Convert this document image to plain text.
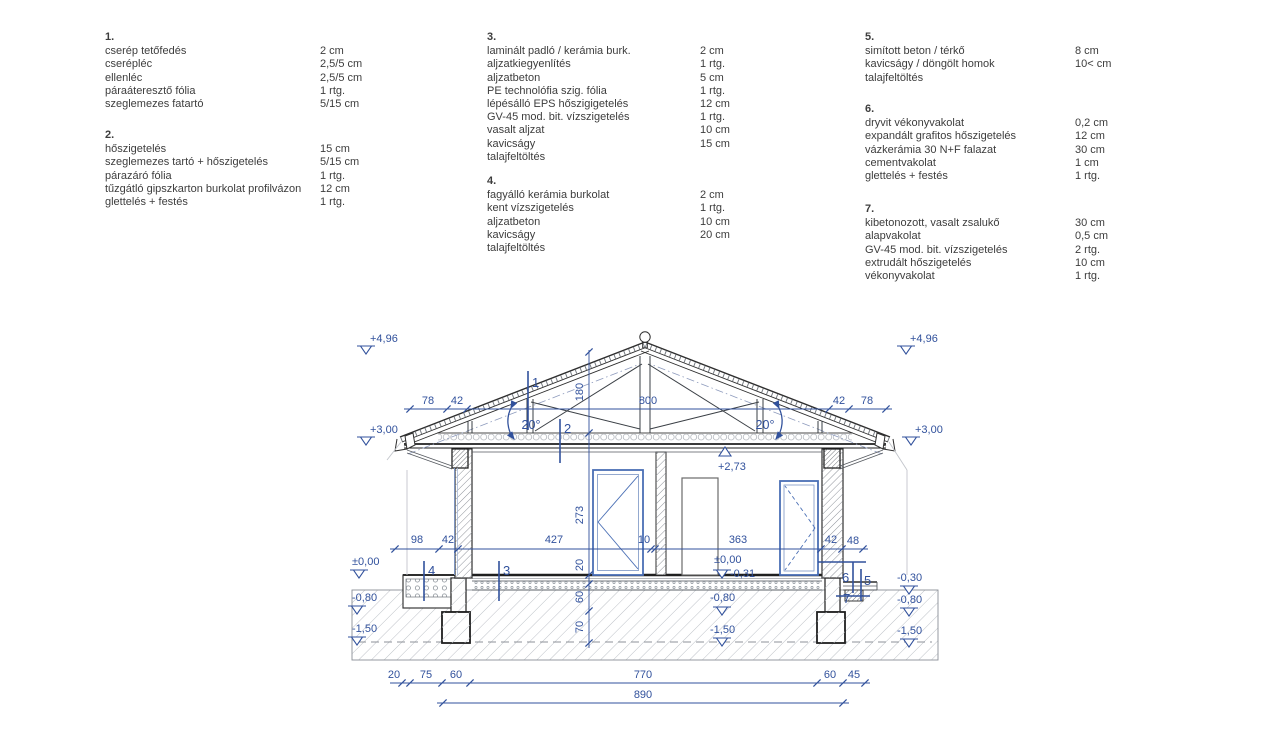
1.
cserép tetőfedés	2 cm
cserépléc	2,5/5 cm
ellenléc	2,5/5 cm
páraáteresztő fólia	1 rtg.
szeglemezes fatartó	5/15 cm
2.
hőszigetelés	15 cm
szeglemezes tartó + hőszigetelés	5/15 cm
párazáró fólia	1 rtg.
tűzgátló gipszkarton burkolat profilvázon	12 cm
glettelés + festés	1 rtg.
3.
laminált padló / kerámia burk.	2 cm
aljzatkiegyenlítés	1 rtg.
aljzatbeton	5 cm
PE technolófia szig. fólia	1 rtg.
lépésálló EPS hőszigigetelés	12 cm
GV-45 mod. bit. vízszigetelés	1 rtg.
vasalt aljzat	10 cm
kavicságy	15 cm
talajfeltöltés
4.
fagyálló kerámia burkolat	2 cm
kent vízszigetelés	1 rtg.
aljzatbeton	10 cm
kavicságy	20 cm
talajfeltöltés
5.
simított beton / térkő	8 cm
kavicságy / döngölt homok	10< cm
talajfeltöltés
6.
dryvit vékonyvakolat	0,2 cm
expandált grafitos hőszigetelés	12 cm
vázkerámia 30 N+F falazat	30 cm
cementvakolat	1 cm
glettelés + festés	1 rtg.
7.
kibetonozott, vasalt zsalukő	30 cm
alapvakolat	0,5 cm
GV-45 mod. bit. vízszigetelés	2 rtg.
extrudált hőszigetelés	10 cm
vékonyvakolat	1 rtg.
78 42	800	42 78
98 42	427	10	363	42 48
20 75 60	770	60 45
890
180
273
20
60
70
1
2
3
4
5
6
7
20°	20°
+2,73
+4,96	+4,96
+3,00	+3,00
±0,00	±0,00
-0,31	-0,30
-0,80	-0,80	-0,80
-1,50	-1,50	-1,50
